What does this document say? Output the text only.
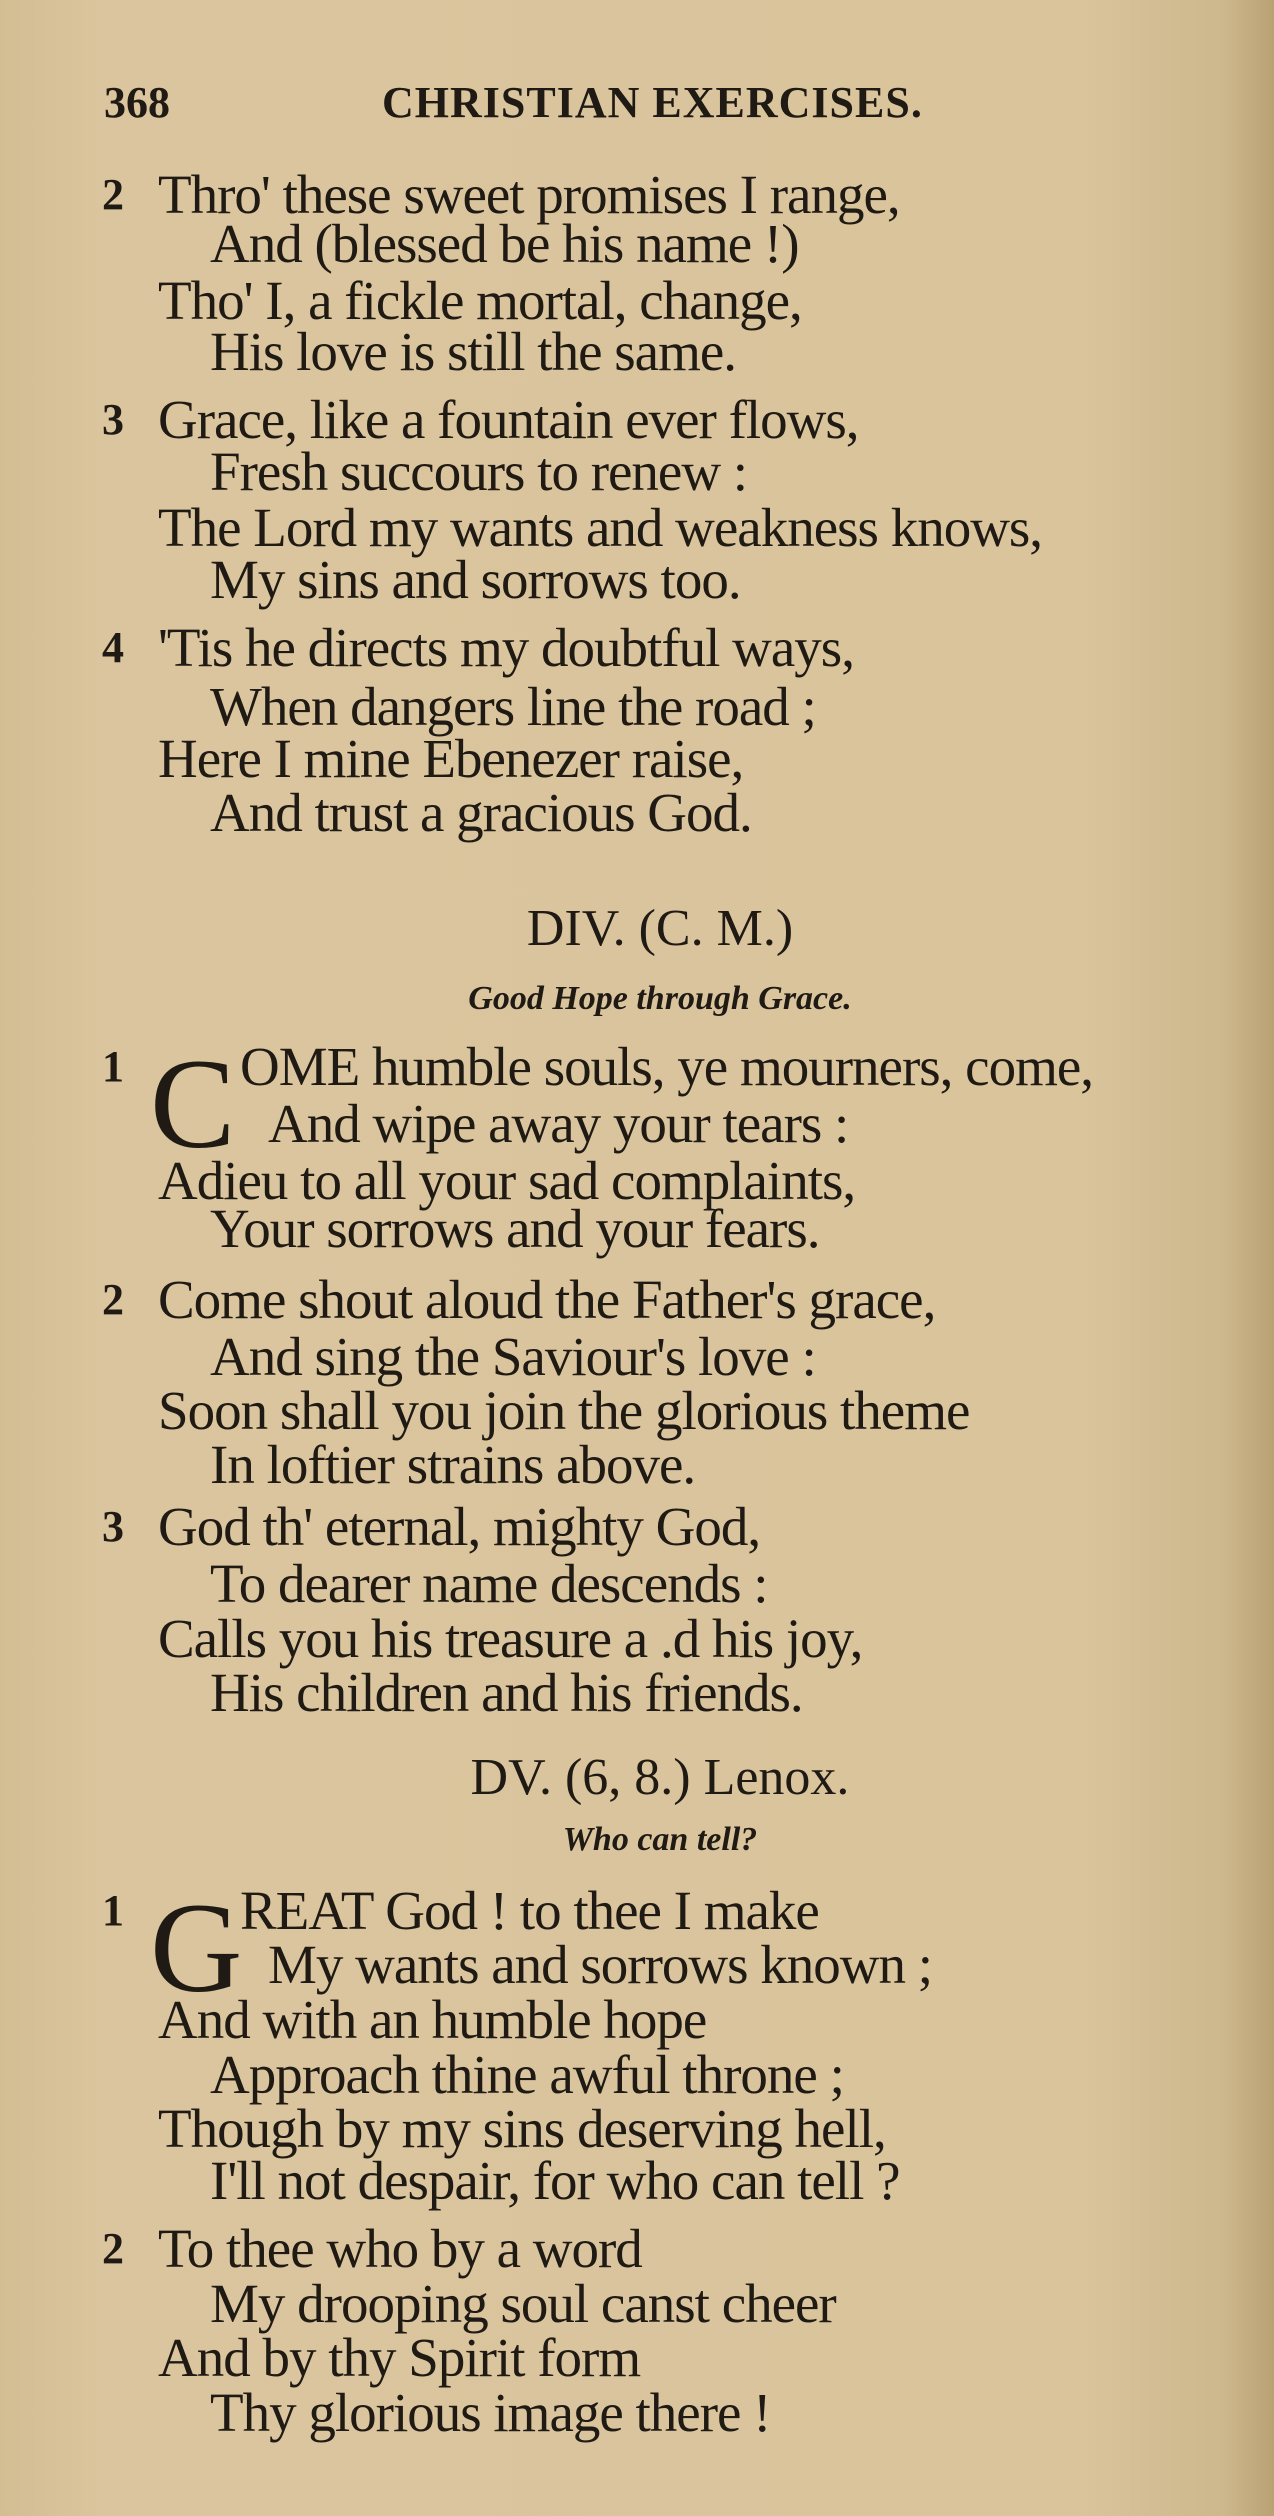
368	CHRISTIAN EXERCISES.
DIV. (C. M.)
Good Hope through Grace.
C
DV. (6, 8.) Lenox.
Who can tell?
G
2 Thro' these sweet promises I range,
And (blessed be his name !)
Tho' I, a fickle mortal, change,
His love is still the same.
3 Grace, like a fountain ever flows,
Fresh succours to renew :
The Lord my wants and weakness knows,
My sins and sorrows too.
4 'Tis he directs my doubtful ways,
When dangers line the road ;
Here I mine Ebenezer raise,
And trust a gracious God.
1 OME humble souls, ye mourners, come,
And wipe away your tears :
Adieu to all your sad complaints,
Your sorrows and your fears.
2 Come shout aloud the Father's grace,
And sing the Saviour's love :
Soon shall you join the glorious theme
In loftier strains above.
3 God th' eternal, mighty God,
To dearer name descends :
Calls you his treasure a .d his joy,
His children and his friends.
1 REAT God ! to thee I make
My wants and sorrows known ;
And with an humble hope
Approach thine awful throne ;
Though by my sins deserving hell,
I'll not despair, for who can tell ?
2 To thee who by a word
My drooping soul canst cheer
And by thy Spirit form
Thy glorious image there !
